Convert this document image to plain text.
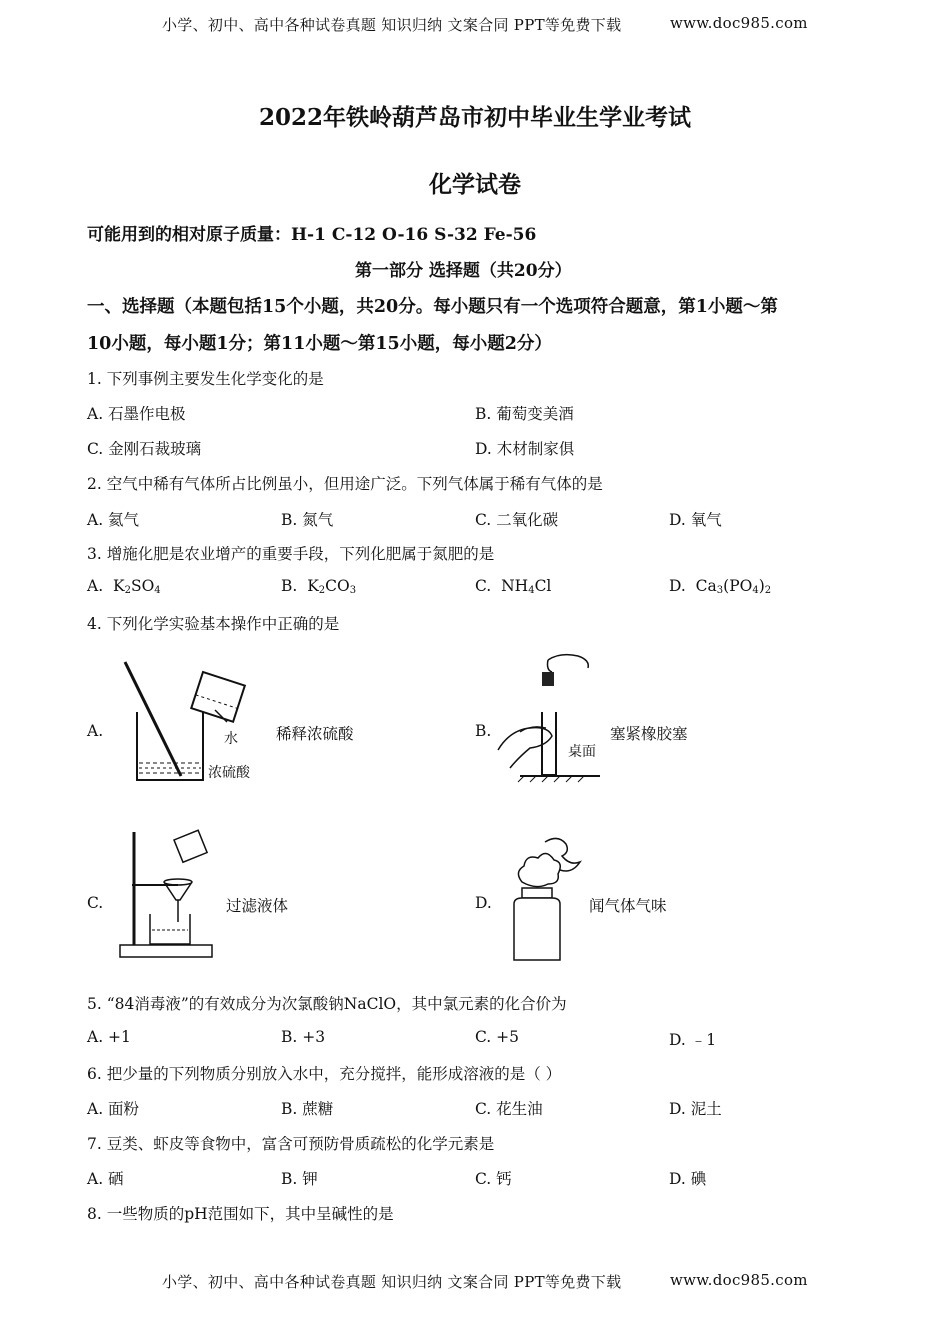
小学、初中、高中各种试卷真题 知识归纳 文案合同 PPT等免费下载	www.doc985.com
2022年铁岭葫芦岛市初中毕业生学业考试
化学试卷
可能用到的相对原子质量：H-1 C-12 O-16 S-32 Fe-56
第一部分 选择题（共20分）
一、选择题（本题包括15个小题，共20分。每小题只有一个选项符合题意，第1小题～第
10小题，每小题1分；第11小题～第15小题，每小题2分）
1. 下列事例主要发生化学变化的是
A. 石墨作电极	B. 葡萄变美酒
C. 金刚石裁玻璃	D. 木材制家俱
2. 空气中稀有气体所占比例虽小，但用途广泛。下列气体属于稀有气体的是
A. 氦气	B. 氮气	C. 二氧化碳	D. 氧气
3. 增施化肥是农业增产的重要手段，下列化肥属于氮肥的是
A. $K_2SO_4$	B. $K_2CO_3$	C. $NH_4Cl$	D. $Ca_3(PO_4)_2$
4. 下列化学实验基本操作中正确的是
A.	水
浓硫酸
稀释浓硫酸	B.
桌面
塞紧橡胶塞
C.	过滤液体	D.	闻气体气味
5. “84消毒液”的有效成分为次氯酸钠NaClO，其中氯元素的化合价为
A. +1	B. +3	C. +5	D. ﹣1
6. 把少量的下列物质分别放入水中，充分搅拌，能形成溶液的是（ ）
A. 面粉	B. 蔗糖	C. 花生油	D. 泥土
7. 豆类、虾皮等食物中，富含可预防骨质疏松的化学元素是
A. 硒	B. 钾	C. 钙	D. 碘
8. 一些物质的pH范围如下，其中呈碱性的是
小学、初中、高中各种试卷真题 知识归纳 文案合同 PPT等免费下载	www.doc985.com
